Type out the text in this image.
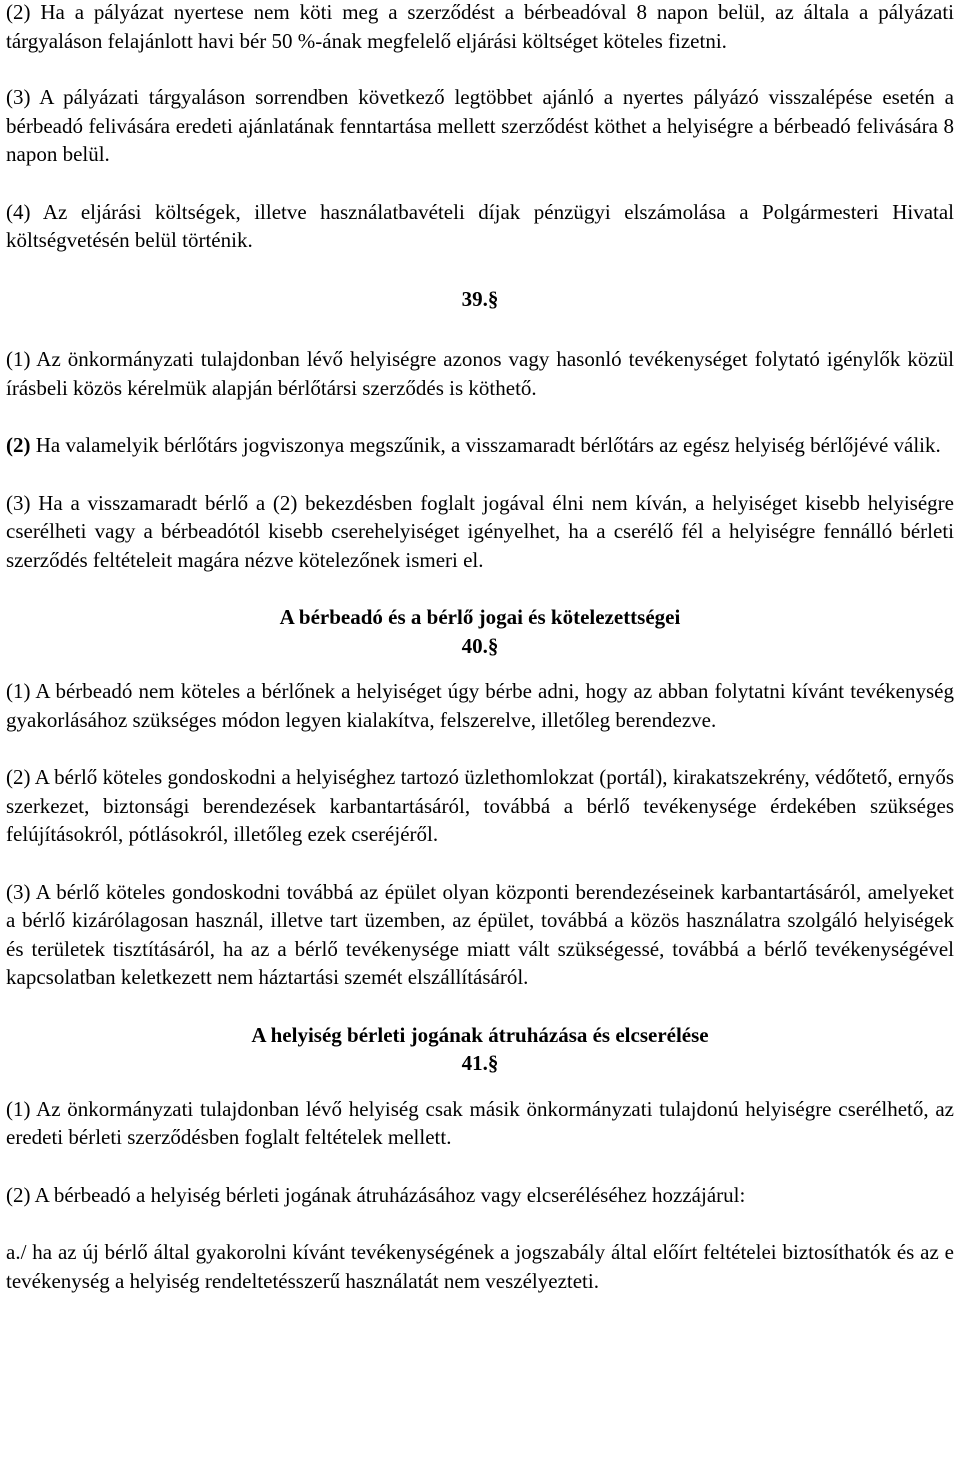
(2) Ha a pályázat nyertese nem köti meg a szerződést a bérbeadóval 8 napon belül, az általa a pályázati tárgyaláson felajánlott havi bér 50 %-ának megfelelő eljárási költséget köteles fizetni.

(3) A pályázati tárgyaláson sorrendben következő legtöbbet ajánló a nyertes pályázó visszalépése esetén a bérbeadó felivására eredeti ajánlatának fenntartása mellett szerződést köthet a helyiségre a bérbeadó felivására 8 napon belül.

(4) Az eljárási költségek, illetve használatbavételi díjak pénzügyi elszámolása a Polgármesteri Hivatal költségvetésén belül történik.

39.§

(1) Az önkormányzati tulajdonban lévő helyiségre azonos vagy hasonló tevékenységet folytató igénylők közül írásbeli közös kérelmük alapján bérlőtársi szerződés is köthető.

(2) Ha valamelyik bérlőtárs jogviszonya megszűnik, a visszamaradt bérlőtárs az egész helyiség bérlőjévé válik.

(3) Ha a visszamaradt bérlő a (2) bekezdésben foglalt jogával élni nem kíván, a helyiséget kisebb helyiségre cserélheti vagy a bérbeadótól kisebb cserehelyiséget igényelhet, ha a cserélő fél a helyiségre fennálló bérleti szerződés feltételeit magára nézve kötelezőnek ismeri el.

A bérbeadó és a bérlő jogai és kötelezettségei

40.§

(1) A bérbeadó nem köteles a bérlőnek a helyiséget úgy bérbe adni, hogy az abban folytatni kívánt tevékenység gyakorlásához szükséges módon legyen kialakítva, felszerelve, illetőleg berendezve.

(2) A bérlő köteles gondoskodni a helyiséghez tartozó üzlethomlokzat (portál), kirakatszekrény, védőtető, ernyős szerkezet, biztonsági berendezések karbantartásáról, továbbá a bérlő tevékenysége érdekében szükséges felújításokról, pótlásokról, illetőleg ezek cseréjéről.

(3) A bérlő köteles gondoskodni továbbá az épület olyan központi berendezéseinek karbantartásáról, amelyeket a bérlő kizárólagosan használ, illetve tart üzemben, az épület, továbbá a közös használatra szolgáló helyiségek és területek tisztításáról, ha az a bérlő tevékenysége miatt vált szükségessé, továbbá a bérlő tevékenységével kapcsolatban keletkezett nem háztartási szemét elszállításáról.

A helyiség bérleti jogának átruházása és elcserélése

41.§

(1) Az önkormányzati tulajdonban lévő helyiség csak másik önkormányzati tulajdonú helyiségre cserélhető, az eredeti bérleti szerződésben foglalt feltételek mellett.

(2) A bérbeadó a helyiség bérleti jogának átruházásához vagy elcseréléséhez hozzájárul:

a./ ha az új bérlő által gyakorolni kívánt tevékenységének a jogszabály által előírt feltételei biztosíthatók és az e tevékenység a helyiség rendeltetésszerű használatát nem veszélyezteti.
